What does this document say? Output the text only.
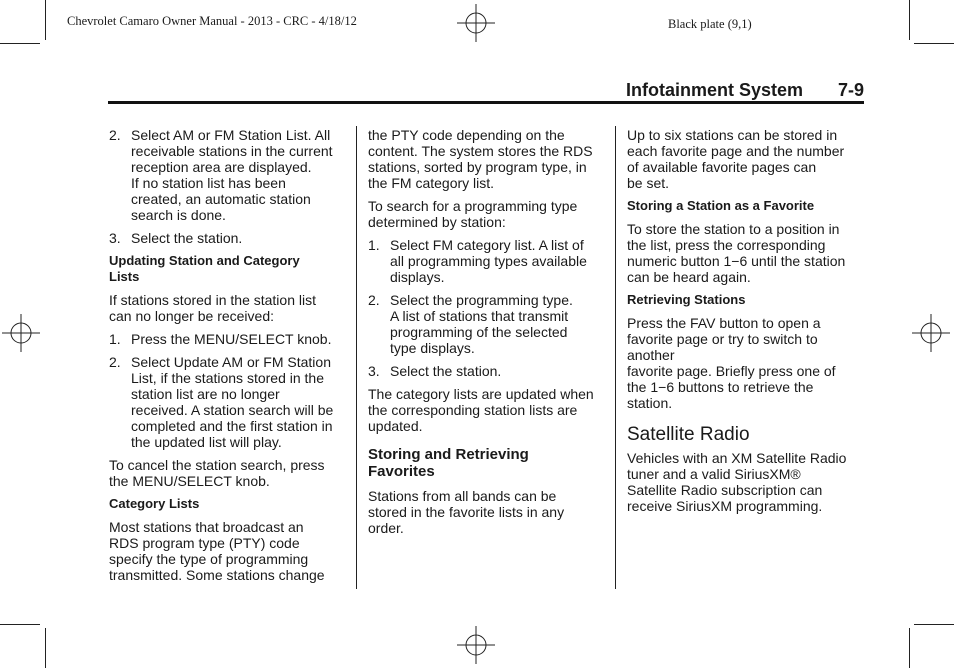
Chevrolet Camaro Owner Manual - 2013 - CRC - 4/18/12	Black plate (9,1)
Infotainment System 7-9
2. Select AM or FM Station List. All
receivable stations in the current
reception area are displayed.
If no station list has been
created, an automatic station
search is done.
3. Select the station.
Updating Station and Category
Lists
If stations stored in the station list
can no longer be received:
1. Press the MENU/SELECT knob.
2. Select Update AM or FM Station
List, if the stations stored in the
station list are no longer
received. A station search will be
completed and the first station in
the updated list will play.
To cancel the station search, press
the MENU/SELECT knob.
Category Lists
Most stations that broadcast an
RDS program type (PTY) code
specify the type of programming
transmitted. Some stations change
the PTY code depending on the
content. The system stores the RDS
stations, sorted by program type, in
the FM category list.
To search for a programming type
determined by station:
1. Select FM category list. A list of
all programming types available
displays.
2. Select the programming type.
A list of stations that transmit
programming of the selected
type displays.
3. Select the station.
The category lists are updated when
the corresponding station lists are
updated.
Storing and Retrieving
Favorites
Stations from all bands can be
stored in the favorite lists in any
order.
Up to six stations can be stored in
each favorite page and the number
of available favorite pages can
be set.
Storing a Station as a Favorite
To store the station to a position in
the list, press the corresponding
numeric button 1−6 until the station
can be heard again.
Retrieving Stations
Press the FAV button to open a
favorite page or try to switch to another
favorite page. Briefly press one of
the 1−6 buttons to retrieve the
station.
Satellite Radio
Vehicles with an XM Satellite Radio
tuner and a valid SiriusXM®
Satellite Radio subscription can
receive SiriusXM programming.
